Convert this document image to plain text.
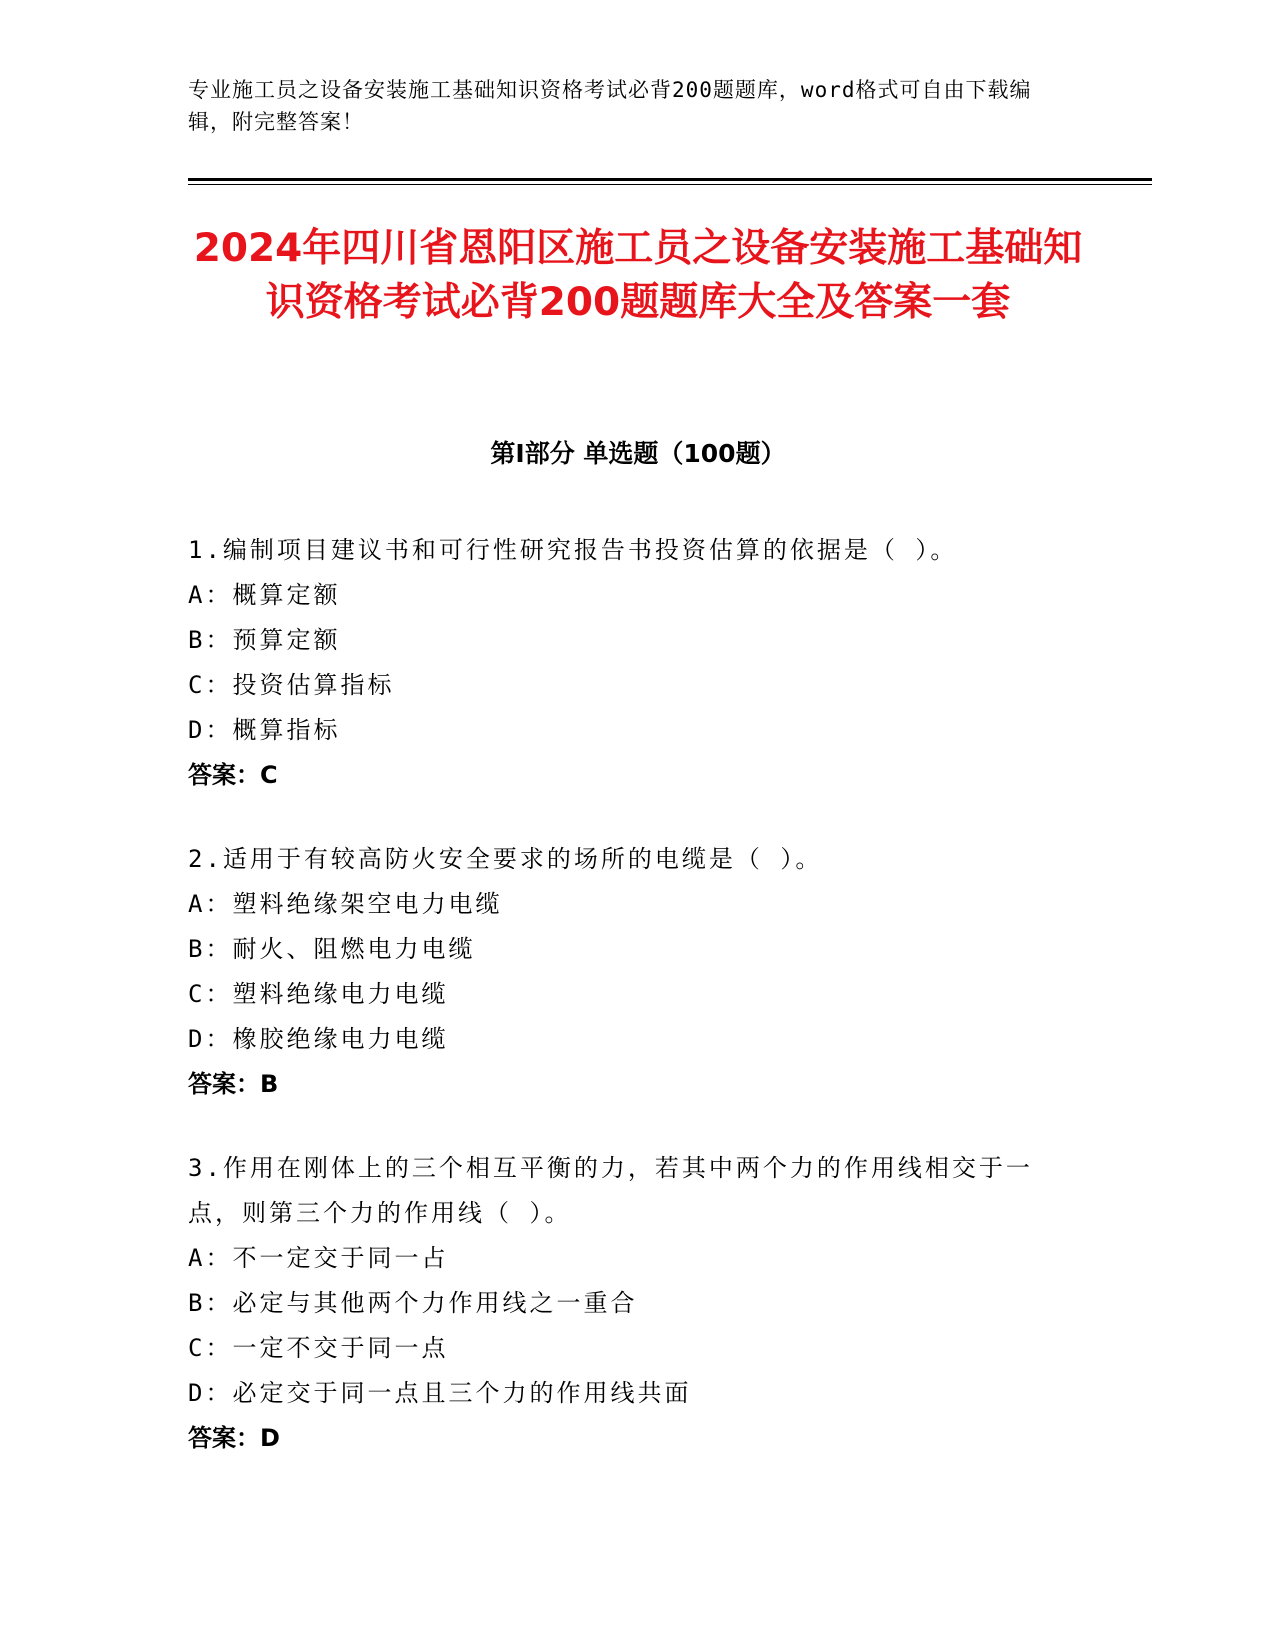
专业施工员之设备安装施工基础知识资格考试必背200题题库，word格式可自由下载编辑，附完整答案！
2024年四川省恩阳区施工员之设备安装施工基础知识资格考试必背200题题库大全及答案一套
第Ⅰ部分 单选题（100题）

1.编制项目建议书和可行性研究报告书投资估算的依据是（ ）。

A：概算定额

B：预算定额

C：投资估算指标

D：概算指标

答案：C

2.适用于有较高防火安全要求的场所的电缆是（ ）。

A：塑料绝缘架空电力电缆

B：耐火、阻燃电力电缆

C：塑料绝缘电力电缆

D：橡胶绝缘电力电缆

答案：B

3.作用在刚体上的三个相互平衡的力，若其中两个力的作用线相交于一点，则第三个力的作用线（ ）。

A：不一定交于同一占

B：必定与其他两个力作用线之一重合

C：一定不交于同一点

D：必定交于同一点且三个力的作用线共面

答案：D
